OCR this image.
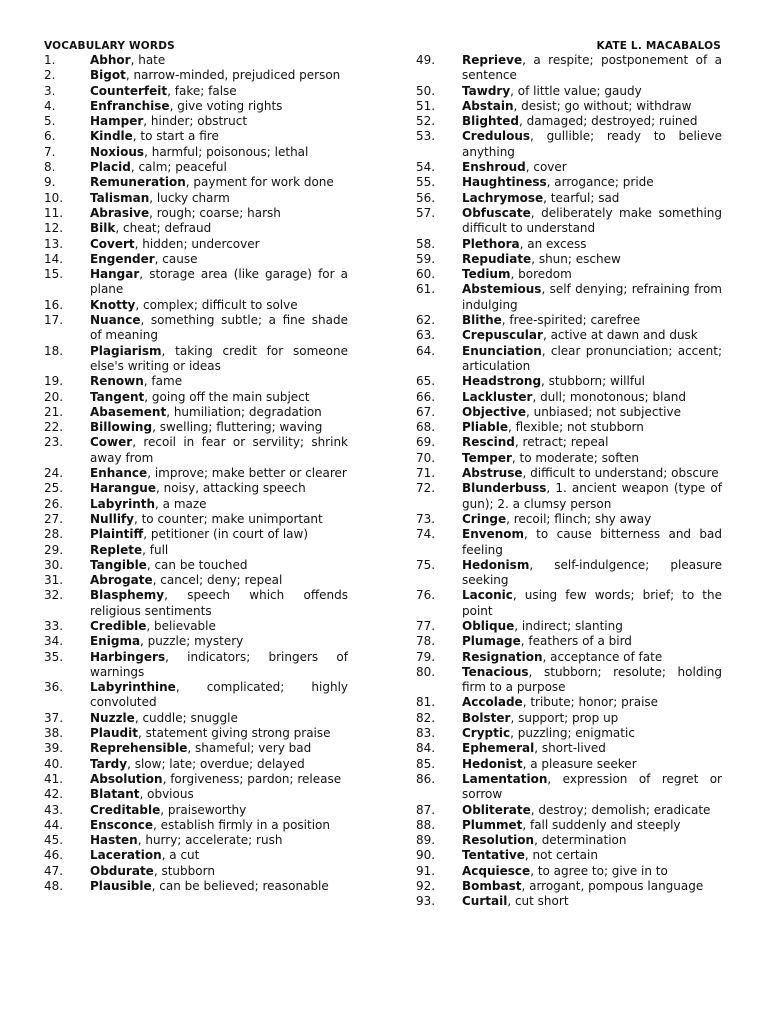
VOCABULARY WORDS	KATE L. MACABALOS
1.	Abhor, hate
2.	Bigot, narrow-minded, prejudiced person
3.	Counterfeit, fake; false
4.	Enfranchise, give voting rights
5.	Hamper, hinder; obstruct
6.	Kindle, to start a fire
7.	Noxious, harmful; poisonous; lethal
8.	Placid, calm; peaceful
9.	Remuneration, payment for work done
10.	Talisman, lucky charm
11.	Abrasive, rough; coarse; harsh
12.	Bilk, cheat; defraud
13.	Covert, hidden; undercover
14.	Engender, cause
15.	Hangar, storage area (like garage) for a plane
16.	Knotty, complex; difficult to solve
17.	Nuance, something subtle; a fine shade of meaning
18.	Plagiarism, taking credit for someone else's writing or ideas
19.	Renown, fame
20.	Tangent, going off the main subject
21.	Abasement, humiliation; degradation
22.	Billowing, swelling; fluttering; waving
23.	Cower, recoil in fear or servility; shrink away from
24.	Enhance, improve; make better or clearer
25.	Harangue, noisy, attacking speech
26.	Labyrinth, a maze
27.	Nullify, to counter; make unimportant
28.	Plaintiff, petitioner (in court of law)
29.	Replete, full
30.	Tangible, can be touched
31.	Abrogate, cancel; deny; repeal
32.	Blasphemy, speech which offends religious sentiments
33.	Credible, believable
34.	Enigma, puzzle; mystery
35.	Harbingers, indicators; bringers of warnings
36.	Labyrinthine, complicated; highly convoluted
37.	Nuzzle, cuddle; snuggle
38.	Plaudit, statement giving strong praise
39.	Reprehensible, shameful; very bad
40.	Tardy, slow; late; overdue; delayed
41.	Absolution, forgiveness; pardon; release
42.	Blatant, obvious
43.	Creditable, praiseworthy
44.	Ensconce, establish firmly in a position
45.	Hasten, hurry; accelerate; rush
46.	Laceration, a cut
47.	Obdurate, stubborn
48.	Plausible, can be believed; reasonable
49.	Reprieve, a respite; postponement of a sentence
50.	Tawdry, of little value; gaudy
51.	Abstain, desist; go without; withdraw
52.	Blighted, damaged; destroyed; ruined
53.	Credulous, gullible; ready to believe anything
54.	Enshroud, cover
55.	Haughtiness, arrogance; pride
56.	Lachrymose, tearful; sad
57.	Obfuscate, deliberately make something difficult to understand
58.	Plethora, an excess
59.	Repudiate, shun; eschew
60.	Tedium, boredom
61.	Abstemious, self denying; refraining from indulging
62.	Blithe, free-spirited; carefree
63.	Crepuscular, active at dawn and dusk
64.	Enunciation, clear pronunciation; accent; articulation
65.	Headstrong, stubborn; willful
66.	Lackluster, dull; monotonous; bland
67.	Objective, unbiased; not subjective
68.	Pliable, flexible; not stubborn
69.	Rescind, retract; repeal
70.	Temper, to moderate; soften
71.	Abstruse, difficult to understand; obscure
72.	Blunderbuss, 1. ancient weapon (type of gun); 2. a clumsy person
73.	Cringe, recoil; flinch; shy away
74.	Envenom, to cause bitterness and bad feeling
75.	Hedonism, self-indulgence; pleasure seeking
76.	Laconic, using few words; brief; to the point
77.	Oblique, indirect; slanting
78.	Plumage, feathers of a bird
79.	Resignation, acceptance of fate
80.	Tenacious, stubborn; resolute; holding firm to a purpose
81.	Accolade, tribute; honor; praise
82.	Bolster, support; prop up
83.	Cryptic, puzzling; enigmatic
84.	Ephemeral, short-lived
85.	Hedonist, a pleasure seeker
86.	Lamentation, expression of regret or sorrow
87.	Obliterate, destroy; demolish; eradicate
88.	Plummet, fall suddenly and steeply
89.	Resolution, determination
90.	Tentative, not certain
91.	Acquiesce, to agree to; give in to
92.	Bombast, arrogant, pompous language
93.	Curtail, cut short
